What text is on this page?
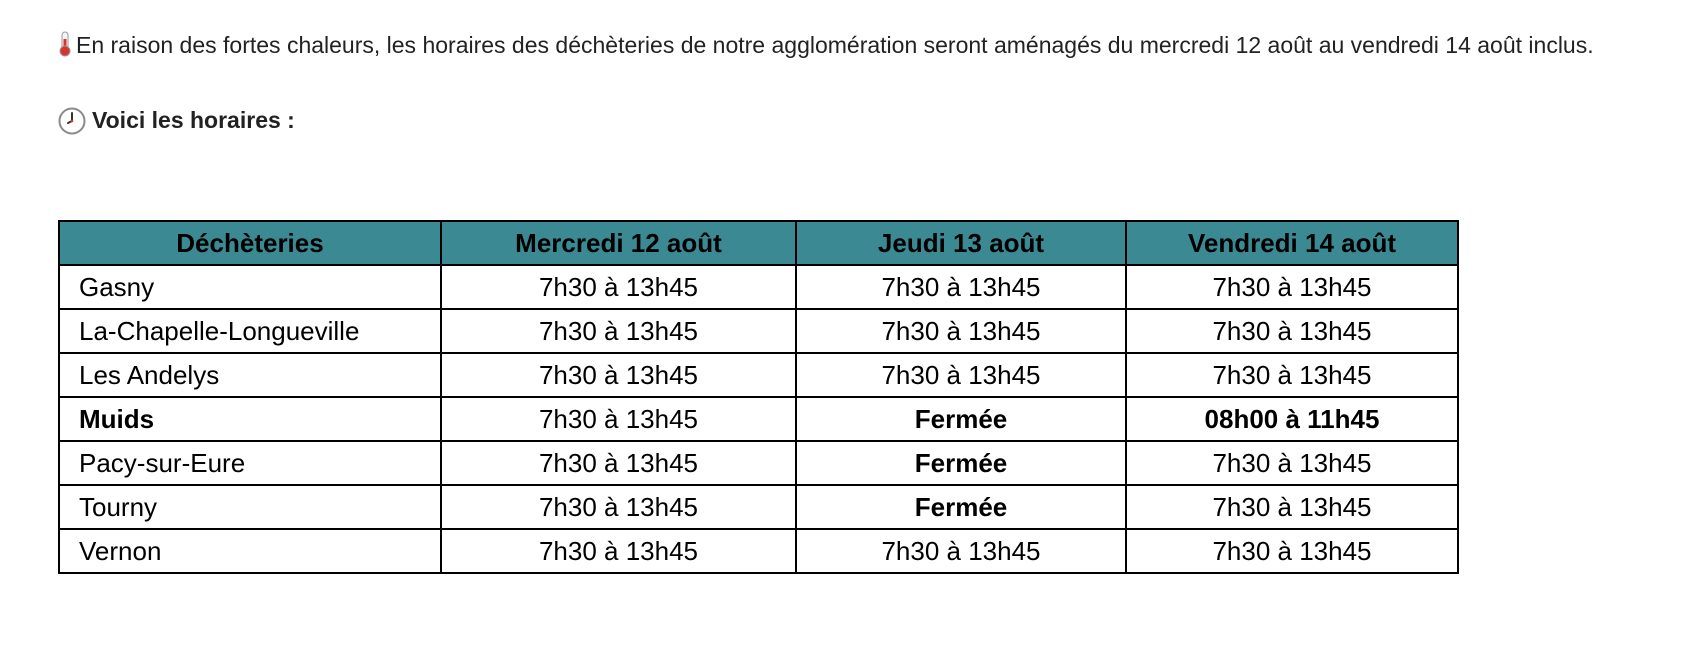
En raison des fortes chaleurs, les horaires des déchèteries de notre agglomération seront aménagés du mercredi 12 août au vendredi 14 août inclus.

Voici les horaires :
Déchèteries	Mercredi 12 août	Jeudi 13 août	Vendredi 14 août
Gasny	7h30 à 13h45	7h30 à 13h45	7h30 à 13h45
La-Chapelle-Longueville	7h30 à 13h45	7h30 à 13h45	7h30 à 13h45
Les Andelys	7h30 à 13h45	7h30 à 13h45	7h30 à 13h45
Muids	7h30 à 13h45	Fermée	08h00 à 11h45
Pacy-sur-Eure	7h30 à 13h45	Fermée	7h30 à 13h45
Tourny	7h30 à 13h45	Fermée	7h30 à 13h45
Vernon	7h30 à 13h45	7h30 à 13h45	7h30 à 13h45
